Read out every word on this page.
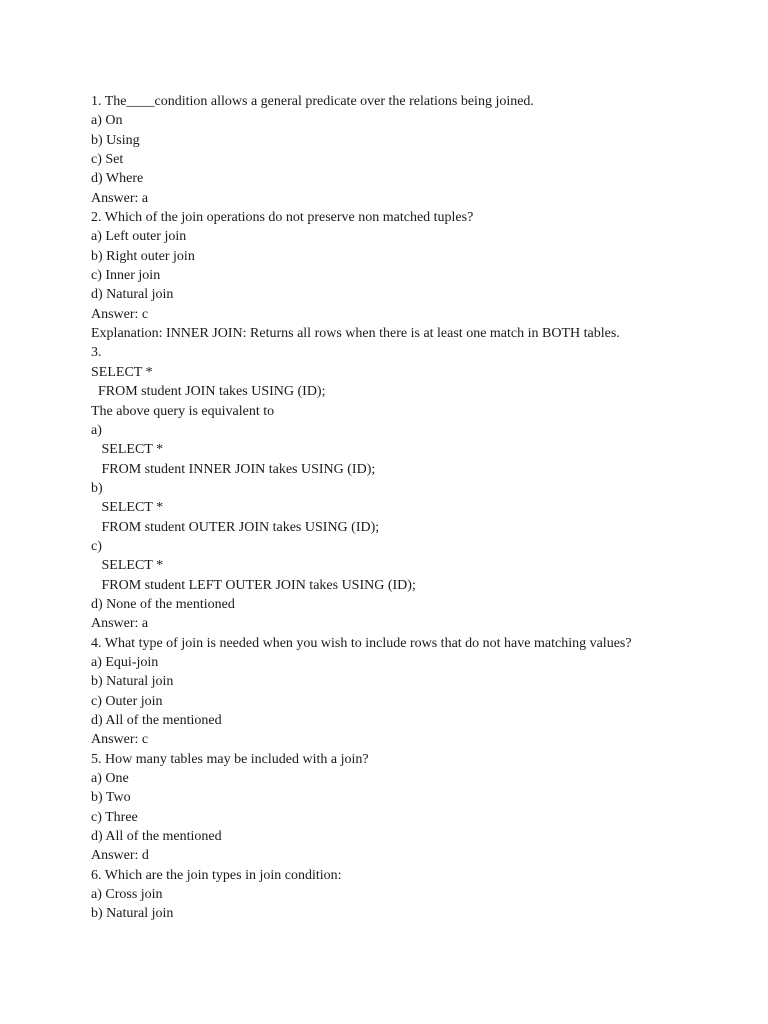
1. The____condition allows a general predicate over the relations being joined.
a) On
b) Using
c) Set
d) Where
Answer: a
2. Which of the join operations do not preserve non matched tuples?
a) Left outer join
b) Right outer join
c) Inner join
d) Natural join
Answer: c
Explanation: INNER JOIN: Returns all rows when there is at least one match in BOTH tables.
3.
SELECT *
FROM student JOIN takes USING (ID);
The above query is equivalent to
a)
SELECT *
FROM student INNER JOIN takes USING (ID);
b)
SELECT *
FROM student OUTER JOIN takes USING (ID);
c)
SELECT *
FROM student LEFT OUTER JOIN takes USING (ID);
d) None of the mentioned
Answer: a
4. What type of join is needed when you wish to include rows that do not have matching values?
a) Equi-join
b) Natural join
c) Outer join
d) All of the mentioned
Answer: c
5. How many tables may be included with a join?
a) One
b) Two
c) Three
d) All of the mentioned
Answer: d
6. Which are the join types in join condition:
a) Cross join
b) Natural join
